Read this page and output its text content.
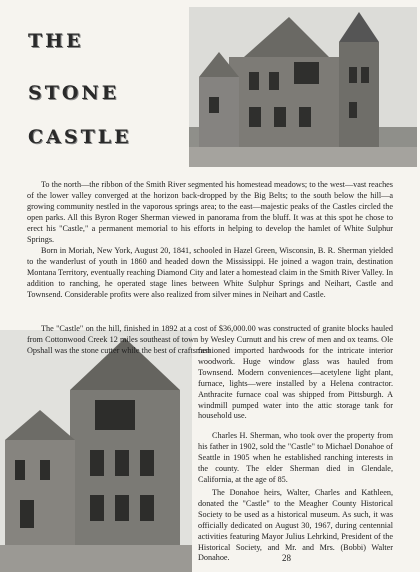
THE
STONE
CASTLE

To the north—the ribbon of the Smith River segmented his homestead meadows; to the west—vast reaches of the lower valley converged at the horizon back-dropped by the Big Belts; to the south below the hill—a growing community nestled in the vaporous springs area; to the east—majestic peaks of the Castles circled the open parks. All this Byron Roger Sherman viewed in panorama from the bluff. It was at this spot he chose to erect his "Castle," a permanent memorial to his efforts in helping to develop the hamlet of White Sulphur Springs.

Born in Moriah, New York, August 20, 1841, schooled in Hazel Green, Wisconsin, B. R. Sherman yielded to the wanderlust of youth in 1860 and headed down the Mississippi. He joined a wagon train, destination Montana Territory, eventually reaching Diamond City and later a homestead claim in the Smith River Valley. In addition to ranching, he operated stage lines between White Sulphur Springs and Neihart, Castle and Townsend. Considerable profits were also realized from silver mines in Neihart and Castle.

The "Castle" on the hill, finished in 1892 at a cost of $36,000.00 was constructed of granite blocks hauled from Cottonwood Creek 12 miles southeast of town by Wesley Curnutt and his crew of men and ox teams. Ole Opshall was the stone cutter while the best of craftsmen

fashioned imported hardwoods for the intricate interior woodwork. Huge window glass was hauled from Townsend. Modern conveniences—acetylene light plant, furnace, lights—were installed by a Helena contractor. Anthracite furnace coal was shipped from Pittsburgh. A windmill pumped water into the attic storage tank for household use.

Charles H. Sherman, who took over the property from his father in 1902, sold the "Castle" to Michael Donahoe of Seattle in 1905 when he established ranching interests in the county. The elder Sherman died in Glendale, California, at the age of 85.

The Donahoe heirs, Walter, Charles and Kathleen, donated the "Castle" to the Meagher County Historical Society to be used as a historical museum. As such, it was officially dedicated on August 30, 1967, during centennial activities featuring Mayor Julius Lehrkind, President of the Historical Society, and Mr. and Mrs. (Bobbi) Walter Donahoe.	28
